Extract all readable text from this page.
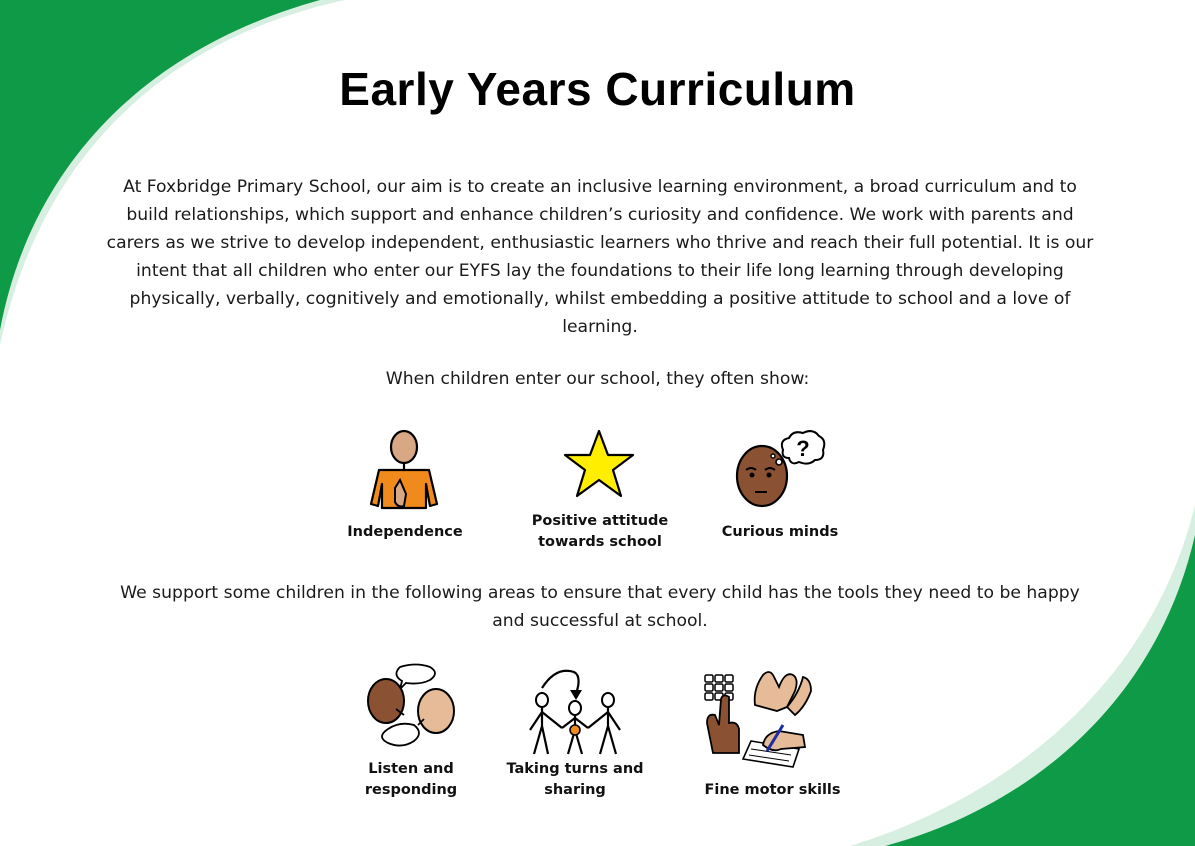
Early Years Curriculum

At Foxbridge Primary School, our aim is to create an inclusive learning environment, a broad curriculum and to build relationships, which support and enhance children’s curiosity and confidence. We work with parents and carers as we strive to develop independent, enthusiastic learners who thrive and reach their full potential. It is our intent that all children who enter our EYFS lay the foundations to their life long learning through developing physically, verbally, cognitively and emotionally, whilst embedding a positive attitude to school and a love of learning.

When children enter our school, they often show:
Independence
Positive attitude towards school
?
Curious minds
We support some children in the following areas to ensure that every child has the tools they need to be happy and successful at school.
Listen and responding
Taking turns and sharing	Fine motor skills
